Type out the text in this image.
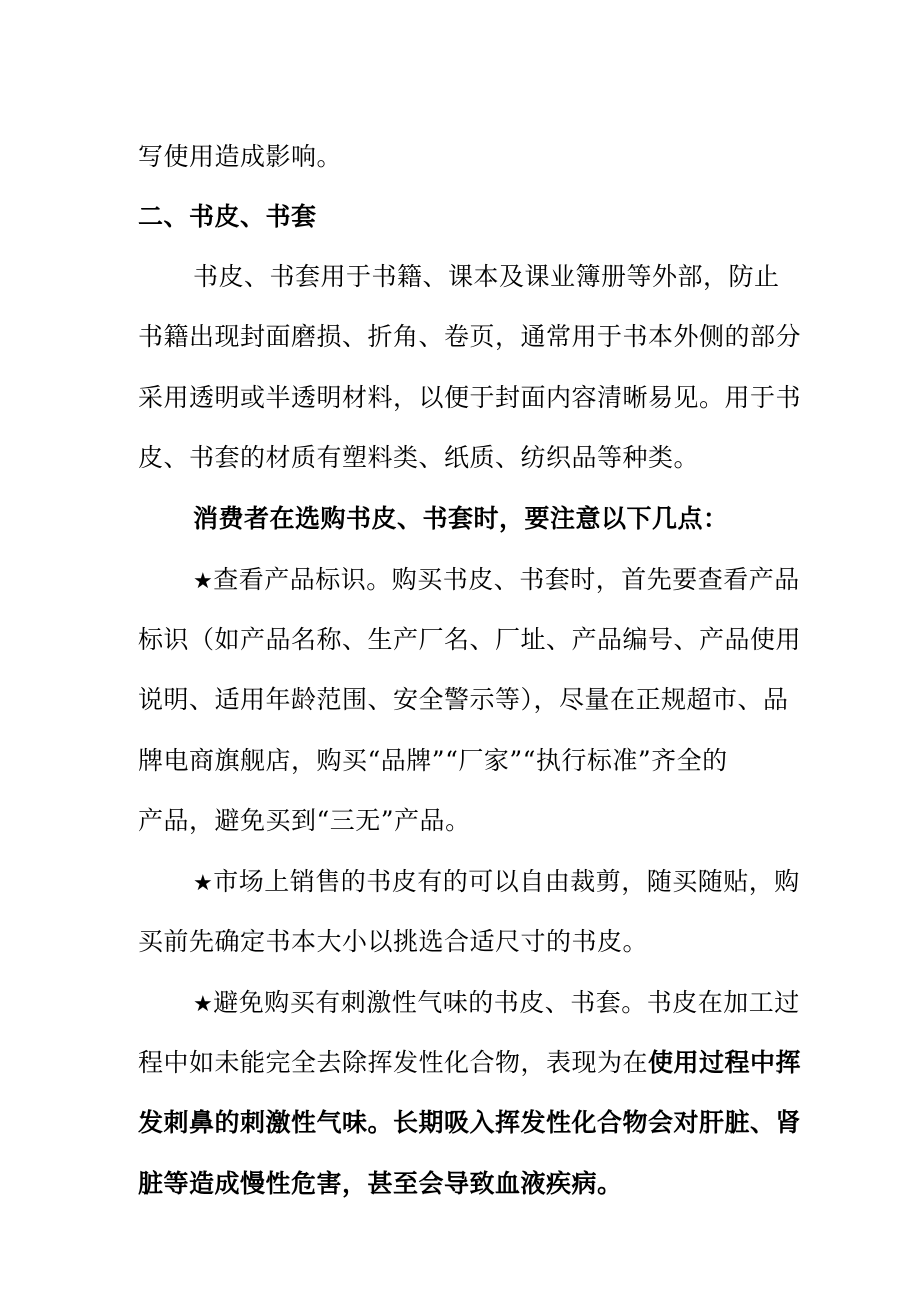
写使用造成影响。
二、书皮、书套
书皮、书套用于书籍、课本及课业簿册等外部，防止
书籍出现封面磨损、折角、卷页，通常用于书本外侧的部分
采用透明或半透明材料，以便于封面内容清晰易见。用于书
皮、书套的材质有塑料类、纸质、纺织品等种类。
消费者在选购书皮、书套时，要注意以下几点：
★查看产品标识。购买书皮、书套时，首先要查看产品
标识（如产品名称、生产厂名、厂址、产品编号、产品使用
说明、适用年龄范围、安全警示等），尽量在正规超市、品
牌电商旗舰店，购买“品牌”“厂家”“执行标准”齐全的
产品，避免买到“三无”产品。
★市场上销售的书皮有的可以自由裁剪，随买随贴，购
买前先确定书本大小以挑选合适尺寸的书皮。
★避免购买有刺激性气味的书皮、书套。书皮在加工过
程中如未能完全去除挥发性化合物，表现为在使用过程中挥
发刺鼻的刺激性气味。长期吸入挥发性化合物会对肝脏、肾
脏等造成慢性危害，甚至会导致血液疾病。
